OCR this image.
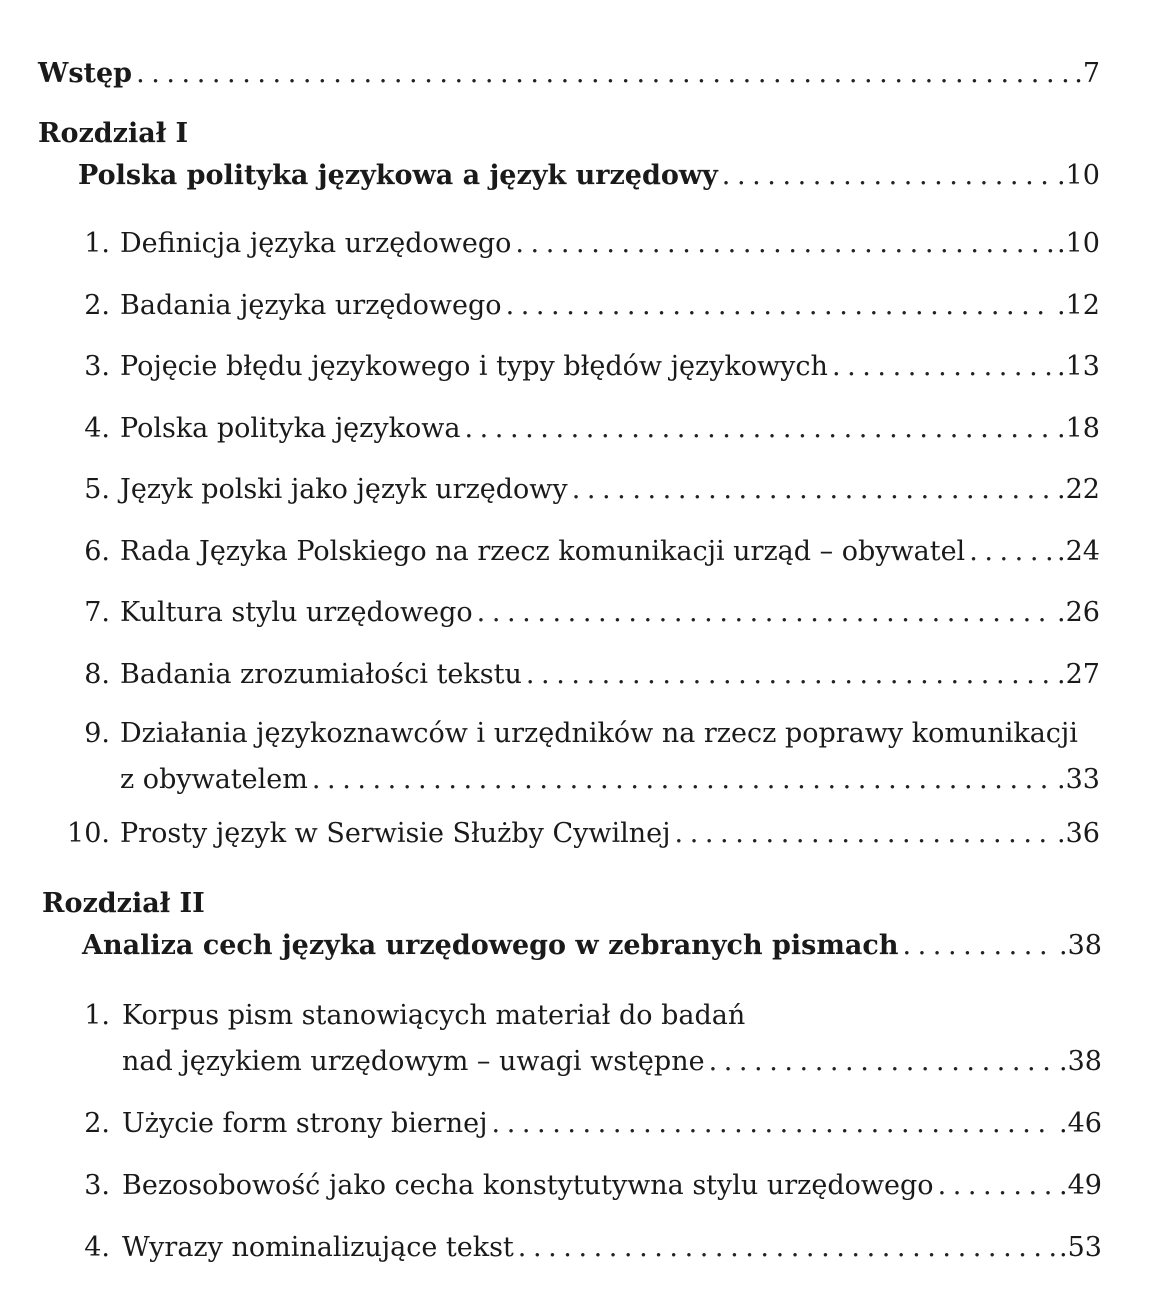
Wstęp . . .	.7
Rozdział I
Polska polityka językowa a język urzędowy . . .	.10
1. Definicja języka urzędowego . . .	.10
2. Badania języka urzędowego . . .	.12
3. Pojęcie błędu językowego i typy błędów językowych . . .	.13
4. Polska polityka językowa . . .	.18
5. Język polski jako język urzędowy . . .	.22
6. Rada Języka Polskiego na rzecz komunikacji urząd – obywatel . . .	.24
7. Kultura stylu urzędowego . . .	.26
8. Badania zrozumiałości tekstu . . .	.27
9. Działania językoznawców i urzędników na rzecz poprawy komunikacji
z obywatelem . . .	.33
10. Prosty język w Serwisie Służby Cywilnej . . .	.36
Rozdział II
Analiza cech języka urzędowego w zebranych pismach . . .	.38
1. Korpus pism stanowiących materiał do badań
nad językiem urzędowym – uwagi wstępne . . .	.38
2. Użycie form strony biernej . . .	.46
3. Bezosobowość jako cecha konstytutywna stylu urzędowego . . .	.49
4. Wyrazy nominalizujące tekst . . .	.53
